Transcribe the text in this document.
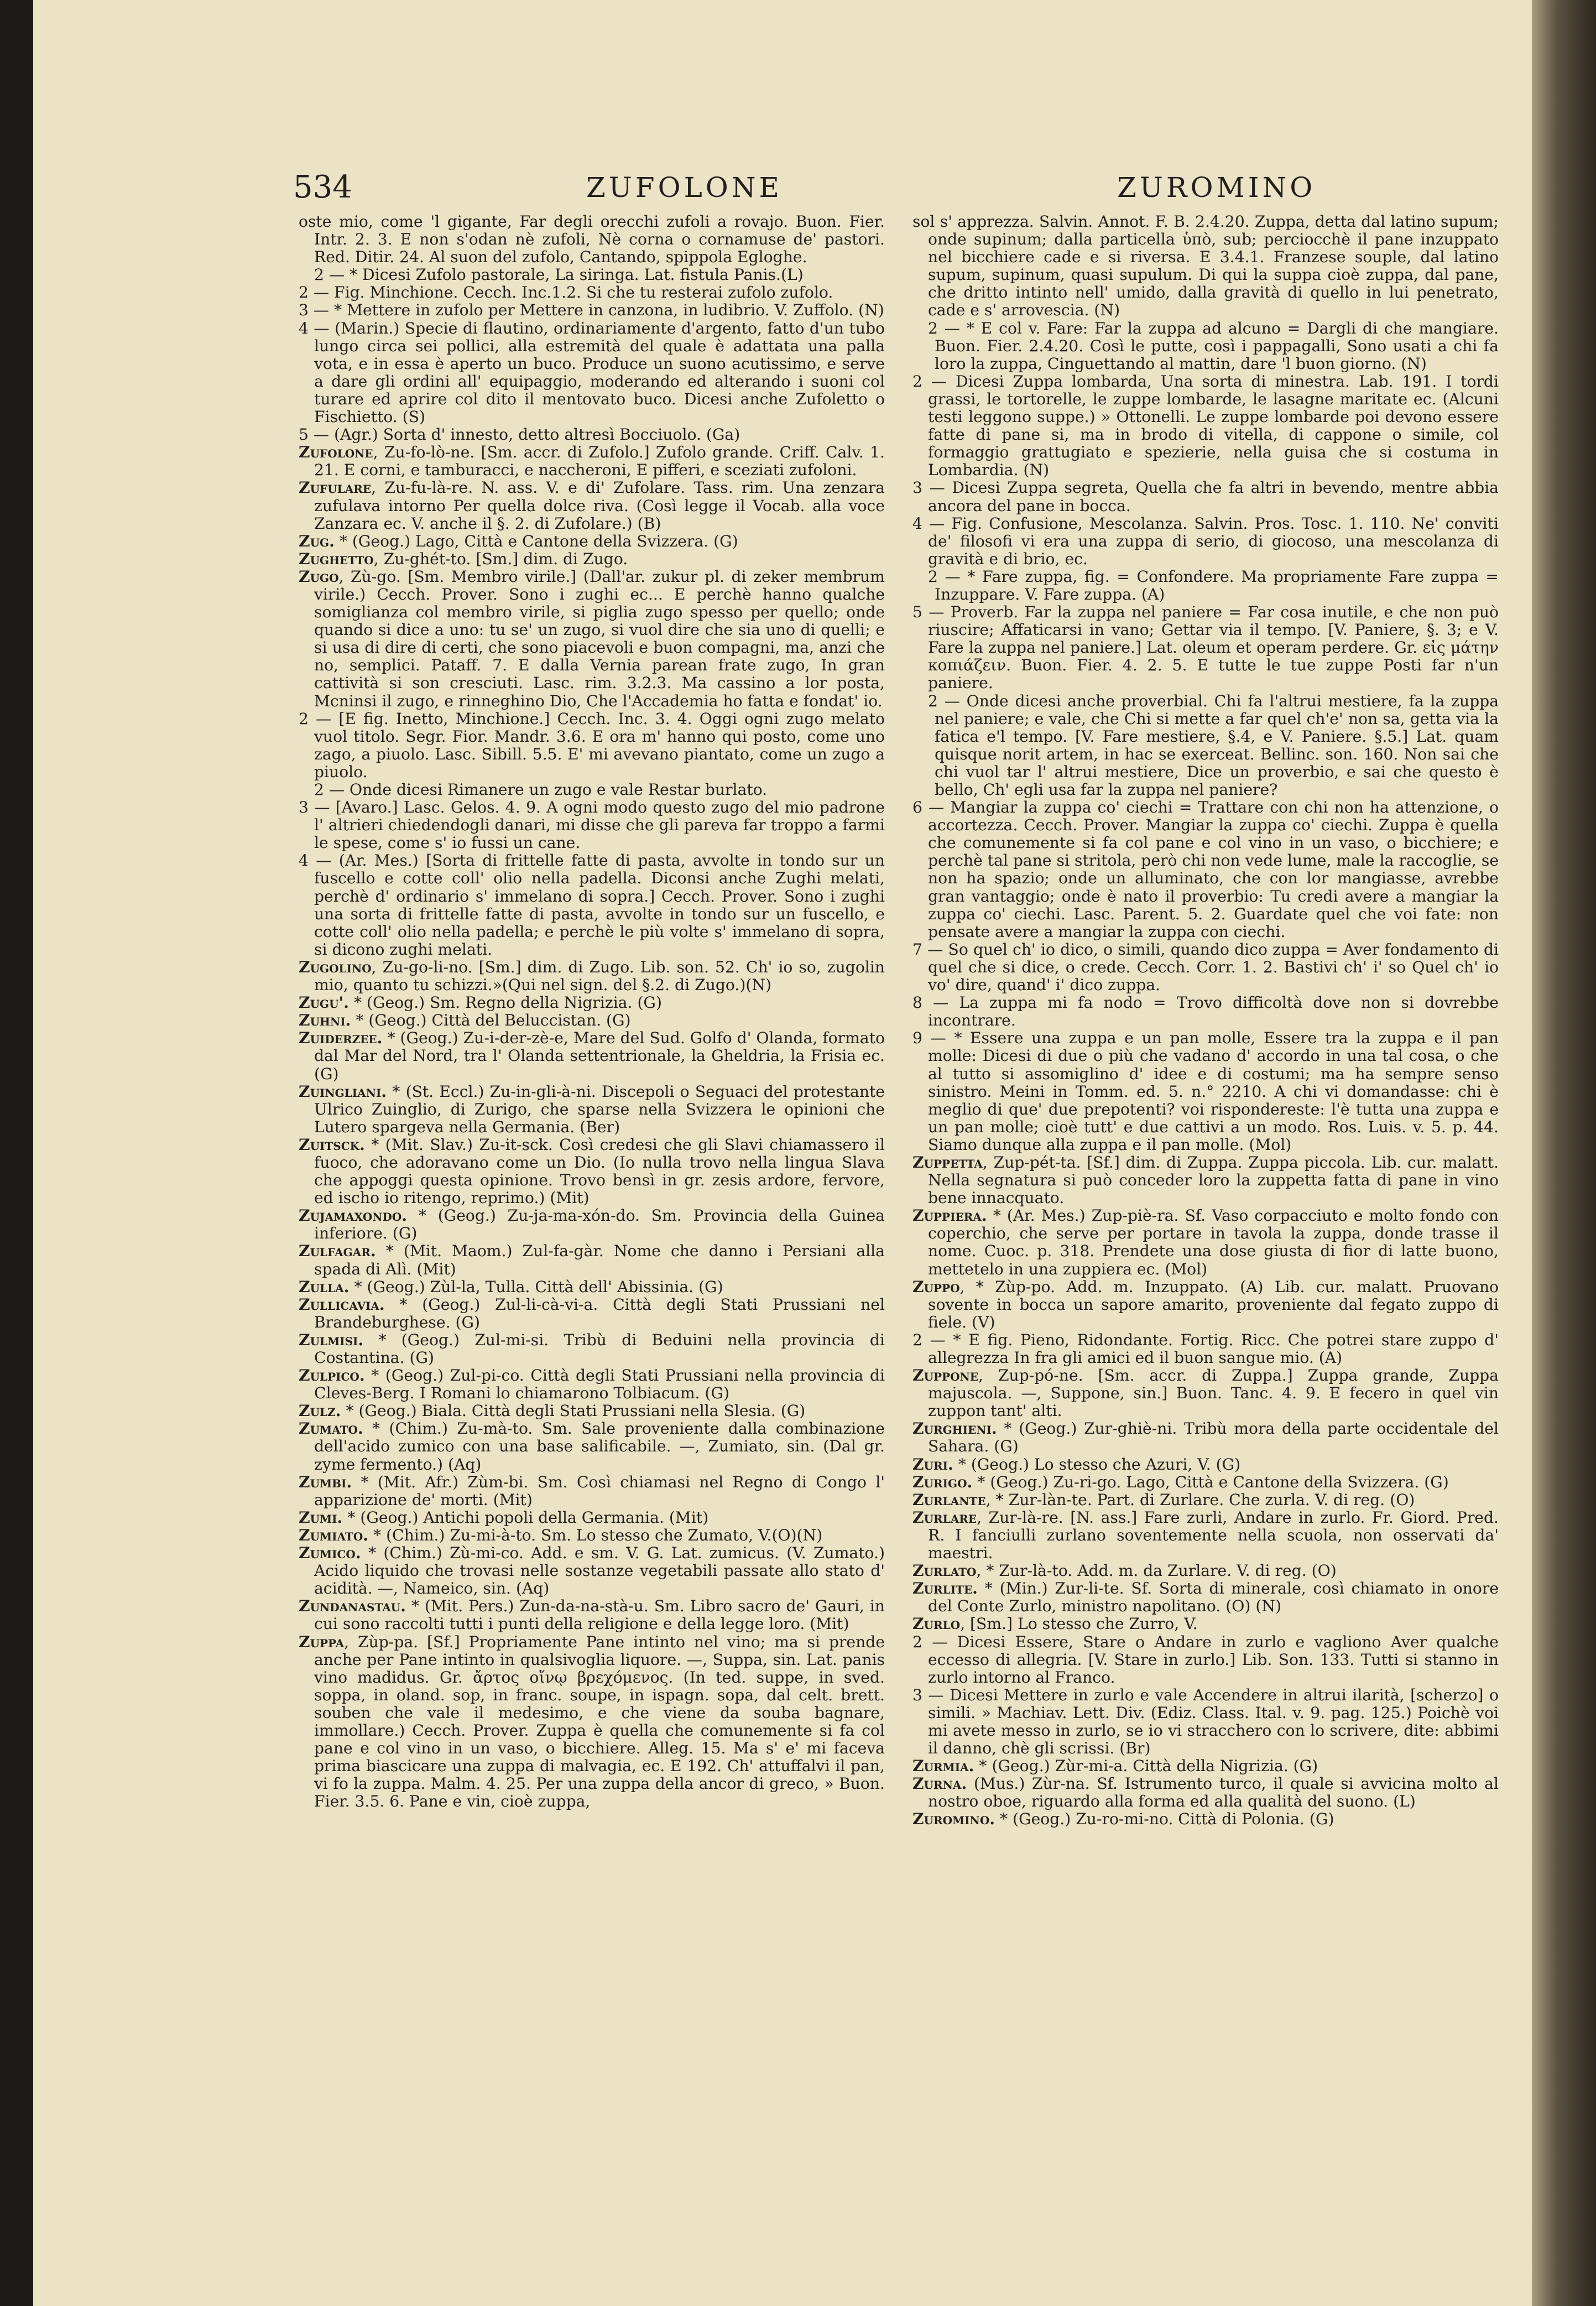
534	ZUFOLONE	ZUROMINO

oste mio, come 'l gigante, Far degli orecchi zufoli a rovajo. Buon. Fier. Intr. 2. 3. E non s'odan nè zufoli, Nè corna o cornamuse de' pastori. Red. Ditir. 24. Al suon del zufolo, Cantando, spippola Egloghe.

2 — * Dicesi Zufolo pastorale, La siringa. Lat. fistula Panis.(L)

2 — Fig. Minchione. Cecch. Inc.1.2. Si che tu resterai zufolo zufolo.

3 — * Mettere in zufolo per Mettere in canzona, in ludibrio. V. Zuffolo. (N)

4 — (Marin.) Specie di flautino, ordinariamente d'argento, fatto d'un tubo lungo circa sei pollici, alla estremità del quale è adattata una palla vota, e in essa è aperto un buco. Produce un suono acutissimo, e serve a dare gli ordini all' equipaggio, moderando ed alterando i suoni col turare ed aprire col dito il mentovato buco. Dicesi anche Zufoletto o Fischietto. (S)

5 — (Agr.) Sorta d' innesto, detto altresì Bocciuolo. (Ga)

Zufolone, Zu-fo-lò-ne. [Sm. accr. di Zufolo.] Zufolo grande. Criff. Calv. 1. 21. E corni, e tamburacci, e naccheroni, E pifferi, e sceziati zufoloni.

Zufulare, Zu-fu-là-re. N. ass. V. e di' Zufolare. Tass. rim. Una zenzara zufulava intorno Per quella dolce riva. (Così legge il Vocab. alla voce Zanzara ec. V. anche il §. 2. di Zufolare.) (B)

Zug. * (Geog.) Lago, Città e Cantone della Svizzera. (G)

Zughetto, Zu-ghét-to. [Sm.] dim. di Zugo.

Zugo, Zù-go. [Sm. Membro virile.] (Dall'ar. zukur pl. di zeker membrum virile.) Cecch. Prover. Sono i zughi ec... E perchè hanno qualche somiglianza col membro virile, si piglia zugo spesso per quello; onde quando si dice a uno: tu se' un zugo, si vuol dire che sia uno di quelli; e si usa di dire di certi, che sono piacevoli e buon compagni, ma, anzi che no, semplici. Pataff. 7. E dalla Vernia parean frate zugo, In gran cattività si son cresciuti. Lasc. rim. 3.2.3. Ma cassino a lor posta, Mcninsi il zugo, e rinneghino Dio, Che l'Accademia ho fatta e fondat' io.

2 — [E fig. Inetto, Minchione.] Cecch. Inc. 3. 4. Oggi ogni zugo melato vuol titolo. Segr. Fior. Mandr. 3.6. E ora m' hanno qui posto, come uno zago, a piuolo. Lasc. Sibill. 5.5. E' mi avevano piantato, come un zugo a piuolo.

2 — Onde dicesi Rimanere un zugo e vale Restar burlato.

3 — [Avaro.] Lasc. Gelos. 4. 9. A ogni modo questo zugo del mio padrone l' altrieri chiedendogli danari, mi disse che gli pareva far troppo a farmi le spese, come s' io fussi un cane.

4 — (Ar. Mes.) [Sorta di frittelle fatte di pasta, avvolte in tondo sur un fuscello e cotte coll' olio nella padella. Diconsi anche Zughi melati, perchè d' ordinario s' immelano di sopra.] Cecch. Prover. Sono i zughi una sorta di frittelle fatte di pasta, avvolte in tondo sur un fuscello, e cotte coll' olio nella padella; e perchè le più volte s' immelano di sopra, si dicono zughi melati.

Zugolino, Zu-go-li-no. [Sm.] dim. di Zugo. Lib. son. 52. Ch' io so, zugolin mio, quanto tu schizzi.»(Qui nel sign. del §.2. di Zugo.)(N)

Zugu'. * (Geog.) Sm. Regno della Nigrizia. (G)

Zuhni. * (Geog.) Città del Beluccistan. (G)

Zuiderzee. * (Geog.) Zu-i-der-zè-e, Mare del Sud. Golfo d' Olanda, formato dal Mar del Nord, tra l' Olanda settentrionale, la Gheldria, la Frisia ec. (G)

Zuingliani. * (St. Eccl.) Zu-in-gli-à-ni. Discepoli o Seguaci del protestante Ulrico Zuinglio, di Zurigo, che sparse nella Svizzera le opinioni che Lutero spargeva nella Germania. (Ber)

Zuitsck. * (Mit. Slav.) Zu-it-sck. Così credesi che gli Slavi chiamassero il fuoco, che adoravano come un Dio. (Io nulla trovo nella lingua Slava che appoggi questa opinione. Trovo bensì in gr. zesis ardore, fervore, ed ischo io ritengo, reprimo.) (Mit)

Zujamaxondo. * (Geog.) Zu-ja-ma-xón-do. Sm. Provincia della Guinea inferiore. (G)

Zulfagar. * (Mit. Maom.) Zul-fa-gàr. Nome che danno i Persiani alla spada di Alì. (Mit)

Zulla. * (Geog.) Zùl-la, Tulla. Città dell' Abissinia. (G)

Zullicavia. * (Geog.) Zul-li-cà-vi-a. Città degli Stati Prussiani nel Brandeburghese. (G)

Zulmisi. * (Geog.) Zul-mi-si. Tribù di Beduini nella provincia di Costantina. (G)

Zulpico. * (Geog.) Zul-pi-co. Città degli Stati Prussiani nella provincia di Cleves-Berg. I Romani lo chiamarono Tolbiacum. (G)

Zulz. * (Geog.) Biala. Città degli Stati Prussiani nella Slesia. (G)

Zumato. * (Chim.) Zu-mà-to. Sm. Sale proveniente dalla combinazione dell'acido zumico con una base salificabile. —, Zumiato, sin. (Dal gr. zyme fermento.) (Aq)

Zumbi. * (Mit. Afr.) Zùm-bi. Sm. Così chiamasi nel Regno di Congo l' apparizione de' morti. (Mit)

Zumi. * (Geog.) Antichi popoli della Germania. (Mit)

Zumiato. * (Chim.) Zu-mi-à-to. Sm. Lo stesso che Zumato, V.(O)(N)

Zumico. * (Chim.) Zù-mi-co. Add. e sm. V. G. Lat. zumicus. (V. Zumato.) Acido liquido che trovasi nelle sostanze vegetabili passate allo stato d' acidità. —, Nameico, sin. (Aq)

Zundanastau. * (Mit. Pers.) Zun-da-na-stà-u. Sm. Libro sacro de' Gauri, in cui sono raccolti tutti i punti della religione e della legge loro. (Mit)

Zuppa, Zùp-pa. [Sf.] Propriamente Pane intinto nel vino; ma si prende anche per Pane intinto in qualsivoglia liquore. —, Suppa, sin. Lat. panis vino madidus. Gr. ἄρτος οἴνῳ βρεχόμενος. (In ted. suppe, in sved. soppa, in oland. sop, in franc. soupe, in ispagn. sopa, dal celt. brett. souben che vale il medesimo, e che viene da souba bagnare, immollare.) Cecch. Prover. Zuppa è quella che comunemente si fa col pane e col vino in un vaso, o bicchiere. Alleg. 15. Ma s' e' mi faceva prima biascicare una zuppa di malvagia, ec. E 192. Ch' attuffalvi il pan, vi fo la zuppa. Malm. 4. 25. Per una zuppa della ancor di greco, » Buon. Fier. 3.5. 6. Pane e vin, cioè zuppa,

sol s' apprezza. Salvin. Annot. F. B. 2.4.20. Zuppa, detta dal latino supum; onde supinum; dalla particella ὑπὸ, sub; perciocchè il pane inzuppato nel bicchiere cade e si riversa. E 3.4.1. Franzese souple, dal latino supum, supinum, quasi supulum. Di qui la suppa cioè zuppa, dal pane, che dritto intinto nell' umido, dalla gravità di quello in lui penetrato, cade e s' arrovescia. (N)

2 — * E col v. Fare: Far la zuppa ad alcuno = Dargli di che mangiare. Buon. Fier. 2.4.20. Così le putte, così i pappagalli, Sono usati a chi fa loro la zuppa, Cinguettando al mattin, dare 'l buon giorno. (N)

2 — Dicesi Zuppa lombarda, Una sorta di minestra. Lab. 191. I tordi grassi, le tortorelle, le zuppe lombarde, le lasagne maritate ec. (Alcuni testi leggono suppe.) » Ottonelli. Le zuppe lombarde poi devono essere fatte di pane si, ma in brodo di vitella, di cappone o simile, col formaggio grattugiato e spezierie, nella guisa che si costuma in Lombardia. (N)

3 — Dicesi Zuppa segreta, Quella che fa altri in bevendo, mentre abbia ancora del pane in bocca.

4 — Fig. Confusione, Mescolanza. Salvin. Pros. Tosc. 1. 110. Ne' conviti de' filosofi vi era una zuppa di serio, di giocoso, una mescolanza di gravità e di brio, ec.

2 — * Fare zuppa, fig. = Confondere. Ma propriamente Fare zuppa = Inzuppare. V. Fare zuppa. (A)

5 — Proverb. Far la zuppa nel paniere = Far cosa inutile, e che non può riuscire; Affaticarsi in vano; Gettar via il tempo. [V. Paniere, §. 3; e V. Fare la zuppa nel paniere.] Lat. oleum et operam perdere. Gr. εἰς μάτην κοπιάζειν. Buon. Fier. 4. 2. 5. E tutte le tue zuppe Posti far n'un paniere.

2 — Onde dicesi anche proverbial. Chi fa l'altrui mestiere, fa la zuppa nel paniere; e vale, che Chi si mette a far quel ch'e' non sa, getta via la fatica e'l tempo. [V. Fare mestiere, §.4, e V. Paniere. §.5.] Lat. quam quisque norit artem, in hac se exerceat. Bellinc. son. 160. Non sai che chi vuol tar l' altrui mestiere, Dice un proverbio, e sai che questo è bello, Ch' egli usa far la zuppa nel paniere?

6 — Mangiar la zuppa co' ciechi = Trattare con chi non ha attenzione, o accortezza. Cecch. Prover. Mangiar la zuppa co' ciechi. Zuppa è quella che comunemente si fa col pane e col vino in un vaso, o bicchiere; e perchè tal pane si stritola, però chi non vede lume, male la raccoglie, se non ha spazio; onde un alluminato, che con lor mangiasse, avrebbe gran vantaggio; onde è nato il proverbio: Tu credi avere a mangiar la zuppa co' ciechi. Lasc. Parent. 5. 2. Guardate quel che voi fate: non pensate avere a mangiar la zuppa con ciechi.

7 — So quel ch' io dico, o simili, quando dico zuppa = Aver fondamento di quel che si dice, o crede. Cecch. Corr. 1. 2. Bastivi ch' i' so Quel ch' io vo' dire, quand' i' dico zuppa.

8 — La zuppa mi fa nodo = Trovo difficoltà dove non si dovrebbe incontrare.

9 — * Essere una zuppa e un pan molle, Essere tra la zuppa e il pan molle: Dicesi di due o più che vadano d' accordo in una tal cosa, o che al tutto si assomiglino d' idee e di costumi; ma ha sempre senso sinistro. Meini in Tomm. ed. 5. n.° 2210. A chi vi domandasse: chi è meglio di que' due prepotenti? voi rispondereste: l'è tutta una zuppa e un pan molle; cioè tutt' e due cattivi a un modo. Ros. Luis. v. 5. p. 44. Siamo dunque alla zuppa e il pan molle. (Mol)

Zuppetta, Zup-pét-ta. [Sf.] dim. di Zuppa. Zuppa piccola. Lib. cur. malatt. Nella segnatura si può conceder loro la zuppetta fatta di pane in vino bene innacquato.

Zuppiera. * (Ar. Mes.) Zup-piè-ra. Sf. Vaso corpacciuto e molto fondo con coperchio, che serve per portare in tavola la zuppa, donde trasse il nome. Cuoc. p. 318. Prendete una dose giusta di fior di latte buono, mettetelo in una zuppiera ec. (Mol)

Zuppo, * Zùp-po. Add. m. Inzuppato. (A) Lib. cur. malatt. Pruovano sovente in bocca un sapore amarito, proveniente dal fegato zuppo di fiele. (V)

2 — * E fig. Pieno, Ridondante. Fortig. Ricc. Che potrei stare zuppo d' allegrezza In fra gli amici ed il buon sangue mio. (A)

Zuppone, Zup-pó-ne. [Sm. accr. di Zuppa.] Zuppa grande, Zuppa majuscola. —, Suppone, sin.] Buon. Tanc. 4. 9. E fecero in quel vin zuppon tant' alti.

Zurghieni. * (Geog.) Zur-ghiè-ni. Tribù mora della parte occidentale del Sahara. (G)

Zuri. * (Geog.) Lo stesso che Azuri, V. (G)

Zurigo. * (Geog.) Zu-ri-go. Lago, Città e Cantone della Svizzera. (G)

Zurlante, * Zur-làn-te. Part. di Zurlare. Che zurla. V. di reg. (O)

Zurlare, Zur-là-re. [N. ass.] Fare zurli, Andare in zurlo. Fr. Giord. Pred. R. I fanciulli zurlano soventemente nella scuola, non osservati da' maestri.

Zurlato, * Zur-là-to. Add. m. da Zurlare. V. di reg. (O)

Zurlite. * (Min.) Zur-li-te. Sf. Sorta di minerale, così chiamato in onore del Conte Zurlo, ministro napolitano. (O) (N)

Zurlo, [Sm.] Lo stesso che Zurro, V.

2 — Dicesi Essere, Stare o Andare in zurlo e vagliono Aver qualche eccesso di allegria. [V. Stare in zurlo.] Lib. Son. 133. Tutti si stanno in zurlo intorno al Franco.

3 — Dicesi Mettere in zurlo e vale Accendere in altrui ilarità, [scherzo] o simili. » Machiav. Lett. Div. (Ediz. Class. Ital. v. 9. pag. 125.) Poichè voi mi avete messo in zurlo, se io vi stracchero con lo scrivere, dite: abbimi il danno, chè gli scrissi. (Br)

Zurmia. * (Geog.) Zùr-mi-a. Città della Nigrizia. (G)

Zurna. (Mus.) Zùr-na. Sf. Istrumento turco, il quale si avvicina molto al nostro oboe, riguardo alla forma ed alla qualità del suono. (L)

Zuromino. * (Geog.) Zu-ro-mi-no. Città di Polonia. (G)
